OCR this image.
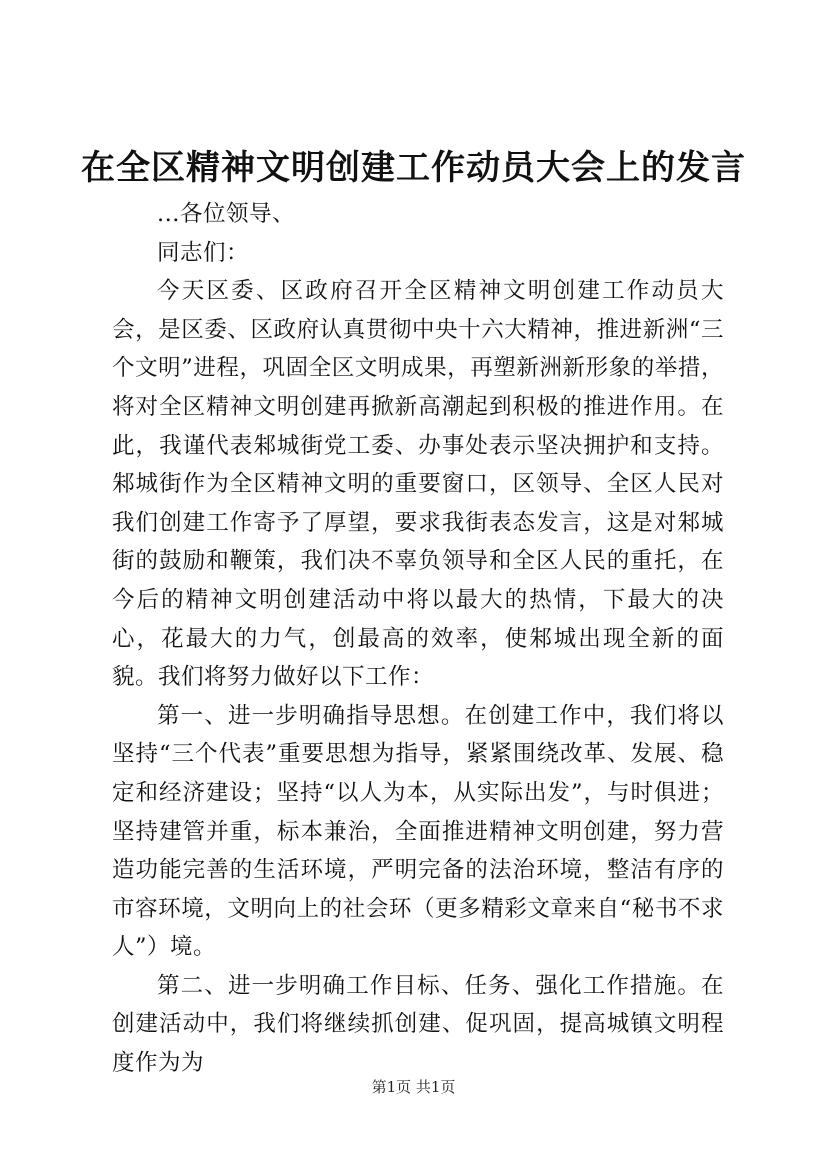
在全区精神文明创建工作动员大会上的发言

...各位领导、

同志们：

今天区委、区政府召开全区精神文明创建工作动员大会，是区委、区政府认真贯彻中央十六大精神，推进新洲“三个文明”进程，巩固全区文明成果，再塑新洲新形象的举措，将对全区精神文明创建再掀新高潮起到积极的推进作用。在此，我谨代表邾城街党工委、办事处表示坚决拥护和支持。邾城街作为全区精神文明的重要窗口，区领导、全区人民对我们创建工作寄予了厚望，要求我街表态发言，这是对邾城街的鼓励和鞭策，我们决不辜负领导和全区人民的重托，在今后的精神文明创建活动中将以最大的热情，下最大的决心，花最大的力气，创最高的效率，使邾城出现全新的面貌。我们将努力做好以下工作：

第一、进一步明确指导思想。在创建工作中，我们将以坚持“三个代表”重要思想为指导，紧紧围绕改革、发展、稳定和经济建设；坚持“以人为本，从实际出发”，与时俱进；坚持建管并重，标本兼治，全面推进精神文明创建，努力营造功能完善的生活环境，严明完备的法治环境，整洁有序的市容环境，文明向上的社会环（更多精彩文章来自“秘书不求人”）境。

第二、进一步明确工作目标、任务、强化工作措施。在创建活动中，我们将继续抓创建、促巩固，提高城镇文明程度作为为

第1页 共1页
